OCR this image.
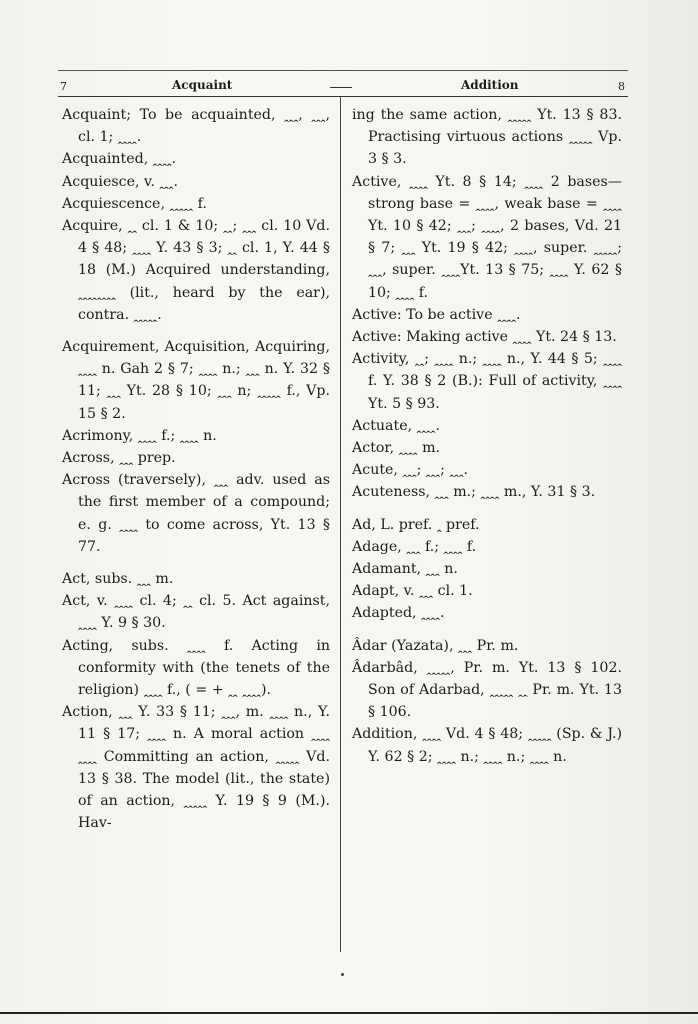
7	Acquaint	Addition	8

Acquaint; To be acquainted, ꞈꞈꞈ, ꞈꞈꞈ, cl. 1; ꞈꞈꞈꞈ.

Acquainted, ꞈꞈꞈꞈ.

Acquiesce, v. ꞈꞈꞈ.

Acquiescence, ꞈꞈꞈꞈꞈ f.

Acquire, ꞈꞈ cl. 1 & 10; ꞈꞈ; ꞈꞈꞈ cl. 10 Vd. 4 § 48; ꞈꞈꞈꞈ Y. 43 § 3; ꞈꞈ cl. 1, Y. 44 § 18 (M.) Acquired understanding, ꞈꞈꞈꞈꞈꞈꞈꞈ (lit., heard by the ear), contra. ꞈꞈꞈꞈꞈ.

Acquirement, Acquisition, Acquiring, ꞈꞈꞈꞈ n. Gah 2 § 7; ꞈꞈꞈꞈ n.; ꞈꞈꞈ n. Y. 32 § 11; ꞈꞈꞈ Yt. 28 § 10; ꞈꞈꞈ n; ꞈꞈꞈꞈꞈ f., Vp. 15 § 2.

Acrimony, ꞈꞈꞈꞈ f.; ꞈꞈꞈꞈ n.

Across, ꞈꞈꞈ prep.

Across (traversely), ꞈꞈꞈ adv. used as the first member of a compound; e. g. ꞈꞈꞈꞈ to come across, Yt. 13 § 77.

Act, subs. ꞈꞈꞈ m.

Act, v. ꞈꞈꞈꞈ cl. 4; ꞈꞈ cl. 5. Act against, ꞈꞈꞈꞈ Y. 9 § 30.

Acting, subs. ꞈꞈꞈꞈ f. Acting in conformity with (the tenets of the religion) ꞈꞈꞈꞈ f., ( = + ꞈꞈ ꞈꞈꞈꞈ).

Action, ꞈꞈꞈ Y. 33 § 11; ꞈꞈꞈ, m. ꞈꞈꞈꞈ n., Y. 11 § 17; ꞈꞈꞈꞈ n. A moral action ꞈꞈꞈꞈ ꞈꞈꞈꞈ Committing an action, ꞈꞈꞈꞈꞈ Vd. 13 § 38. The model (lit., the state) of an action, ꞈꞈꞈꞈꞈ Y. 19 § 9 (M.). Hav-

ing the same action, ꞈꞈꞈꞈꞈ Yt. 13 § 83. Practising virtuous actions ꞈꞈꞈꞈꞈ Vp. 3 § 3.

Active, ꞈꞈꞈꞈ Yt. 8 § 14; ꞈꞈꞈꞈ 2 bases—strong base = ꞈꞈꞈꞈ, weak base = ꞈꞈꞈꞈ Yt. 10 § 42; ꞈꞈꞈ; ꞈꞈꞈꞈ, 2 bases, Vd. 21 § 7; ꞈꞈꞈ Yt. 19 § 42; ꞈꞈꞈꞈ, super. ꞈꞈꞈꞈꞈ; ꞈꞈꞈ, super. ꞈꞈꞈꞈYt. 13 § 75; ꞈꞈꞈꞈ Y. 62 § 10; ꞈꞈꞈꞈ f.

Active: To be active ꞈꞈꞈꞈ.

Active: Making active ꞈꞈꞈꞈ Yt. 24 § 13.

Activity, ꞈꞈ; ꞈꞈꞈꞈ n.; ꞈꞈꞈꞈ n., Y. 44 § 5; ꞈꞈꞈꞈ f. Y. 38 § 2 (B.): Full of activity, ꞈꞈꞈꞈ Yt. 5 § 93.

Actuate, ꞈꞈꞈꞈ.

Actor, ꞈꞈꞈꞈ m.

Acute, ꞈꞈꞈ; ꞈꞈꞈ; ꞈꞈꞈ.

Acuteness, ꞈꞈꞈ m.; ꞈꞈꞈꞈ m., Y. 31 § 3.

Ad, L. pref. ꞈ pref.

Adage, ꞈꞈꞈ f.; ꞈꞈꞈꞈ f.

Adamant, ꞈꞈꞈ n.

Adapt, v. ꞈꞈꞈ cl. 1.

Adapted, ꞈꞈꞈꞈ.

Âdar (Yazata), ꞈꞈꞈ Pr. m.

Âdarbâd, ꞈꞈꞈꞈꞈ, Pr. m. Yt. 13 § 102. Son of Adarbad, ꞈꞈꞈꞈꞈ ꞈꞈ Pr. m. Yt. 13 § 106.

Addition, ꞈꞈꞈꞈ Vd. 4 § 48; ꞈꞈꞈꞈꞈ (Sp. & J.) Y. 62 § 2; ꞈꞈꞈꞈ n.; ꞈꞈꞈꞈ n.; ꞈꞈꞈꞈ n.
